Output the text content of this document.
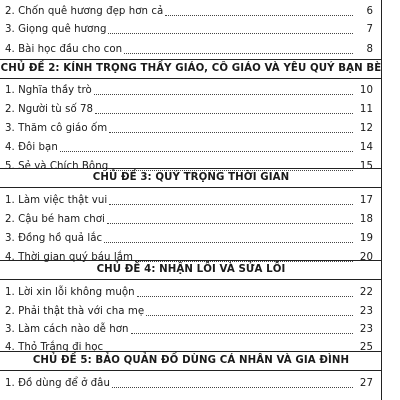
2. Chốn quê hương đẹp hơn cả	6
3. Giọng quê hương	7
4. Bài học đầu cho con	8
CHỦ ĐỀ 2: KÍNH TRỌNG THẦY GIÁO, CÔ GIÁO VÀ YÊU QUÝ BẠN BÈ
1. Nghĩa thầy trò	10
2. Người tù số 78	11
3. Thăm cô giáo ốm	12
4. Đôi bạn	14
5. Sẻ và Chích Bông	15
CHỦ ĐỀ 3: QUÝ TRỌNG THỜI GIAN
1. Làm việc thật vui	17
2. Cậu bé ham chơi	18
3. Đồng hồ quả lắc	19
4. Thời gian quý báu lắm	20
CHỦ ĐỀ 4: NHẬN LỖI VÀ SỬA LỖI
1. Lời xin lỗi không muộn	22
2. Phải thật thà với cha mẹ	23
3. Làm cách nào dễ hơn	23
4. Thỏ Trắng đi học	25
CHỦ ĐỀ 5: BẢO QUẢN ĐỒ DÙNG CÁ NHÂN VÀ GIA ĐÌNH
1. Đồ dùng để ở đâu	27
